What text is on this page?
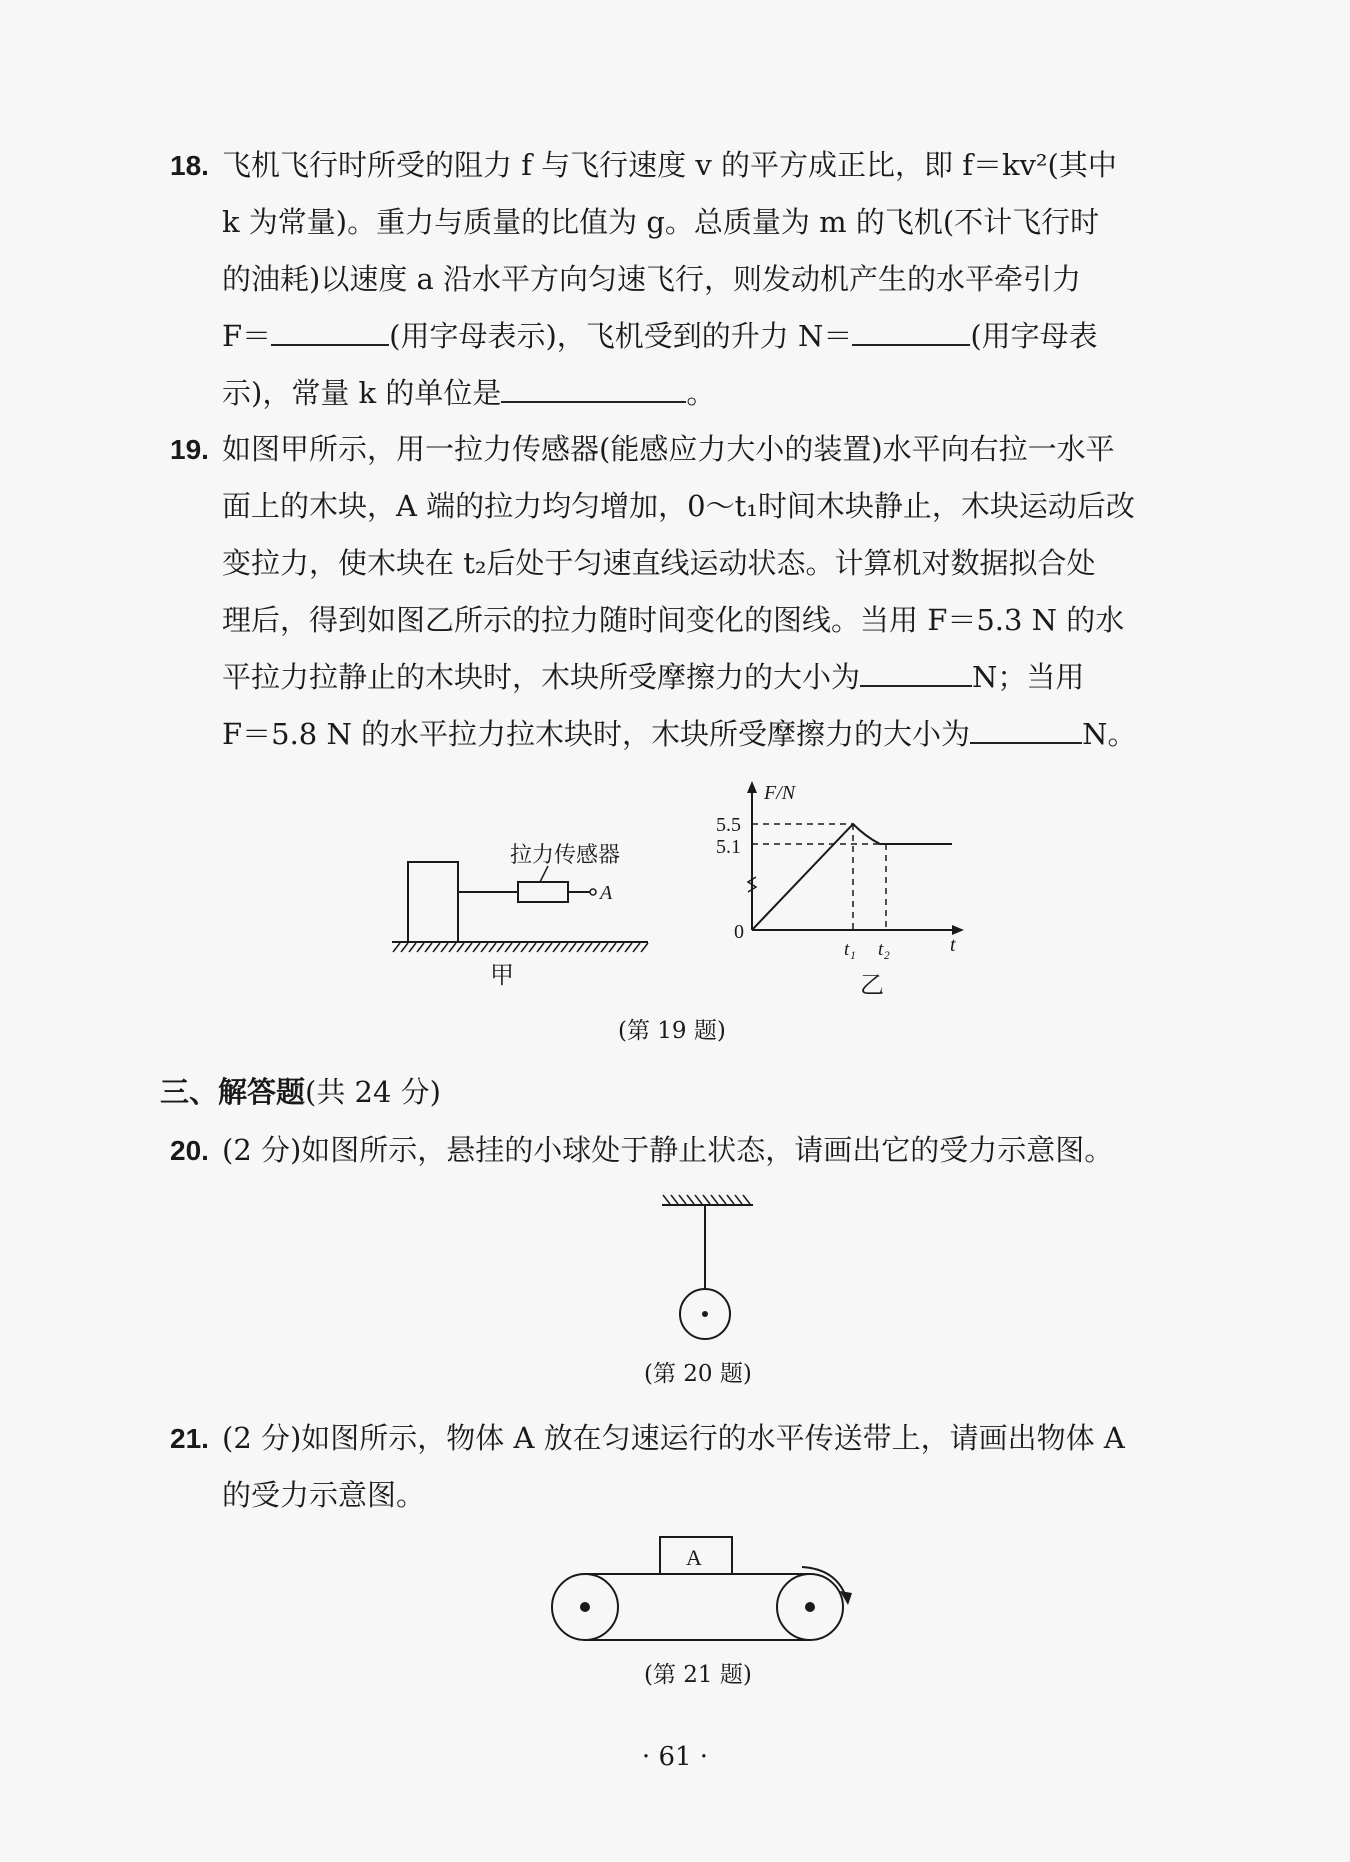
18. 飞机飞行时所受的阻力 f 与飞行速度 v 的平方成正比，即 f＝kv²(其中
k 为常量)。重力与质量的比值为 g。总质量为 m 的飞机(不计飞行时
的油耗)以速度 a 沿水平方向匀速飞行，则发动机产生的水平牵引力
F＝	(用字母表示)，飞机受到的升力 N＝	(用字母表
示)，常量 k 的单位是	。
19. 如图甲所示，用一拉力传感器(能感应力大小的装置)水平向右拉一水平
面上的木块，A 端的拉力均匀增加，0～t₁时间木块静止，木块运动后改
变拉力，使木块在 t₂后处于匀速直线运动状态。计算机对数据拟合处
理后，得到如图乙所示的拉力随时间变化的图线。当用 F＝5.3 N 的水
平拉力拉静止的木块时，木块所受摩擦力的大小为	N；当用
F＝5.8 N 的水平拉力拉木块时，木块所受摩擦力的大小为	N。
A
拉力传感器
甲
F/N
t
0
5.5
5.1
t₁ t₂
乙
(第 19 题)
三、解答题(共 24 分)
20. (2 分)如图所示，悬挂的小球处于静止状态，请画出它的受力示意图。
(第 20 题)
21. (2 分)如图所示，物体 A 放在匀速运行的水平传送带上，请画出物体 A
的受力示意图。
A
(第 21 题)
· 61 ·
